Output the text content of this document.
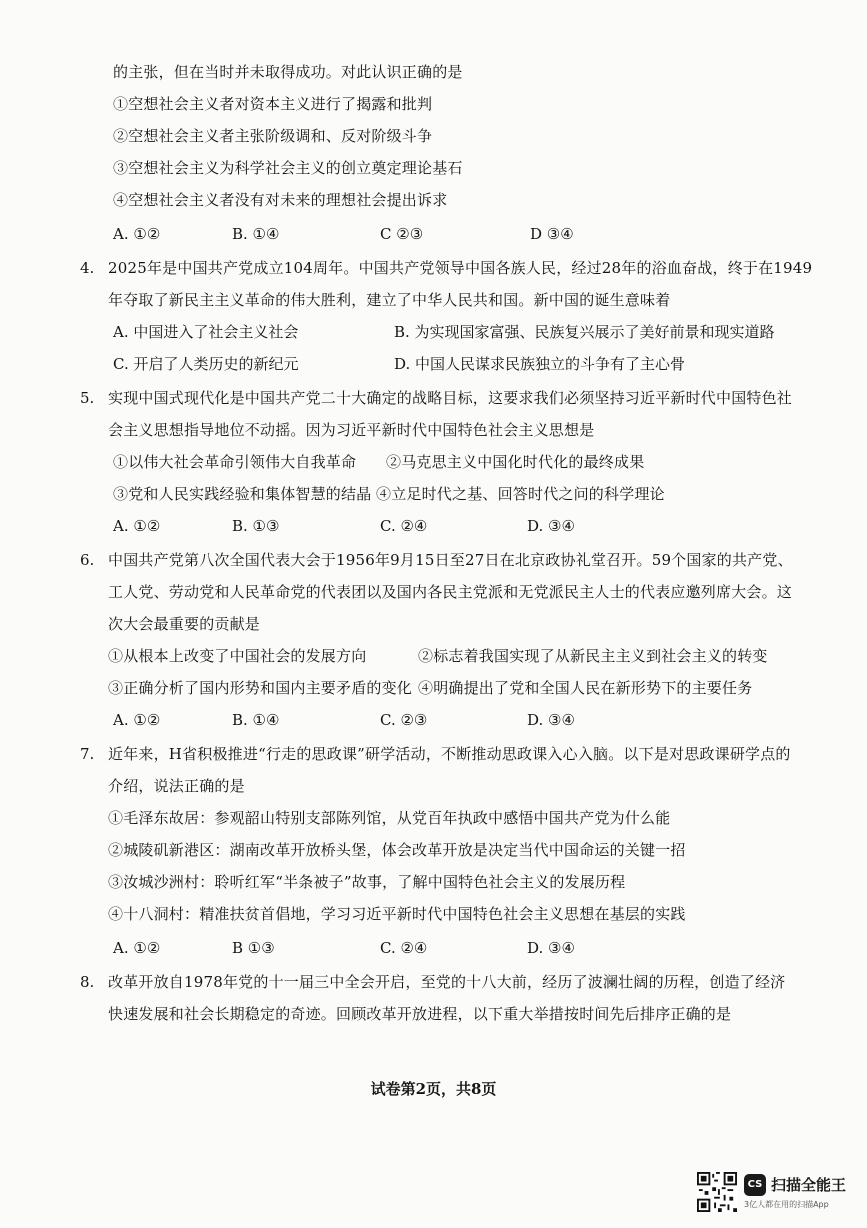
的主张，但在当时并未取得成功。对此认识正确的是
①空想社会主义者对资本主义进行了揭露和批判
②空想社会主义者主张阶级调和、反对阶级斗争
③空想社会主义为科学社会主义的创立奠定理论基石
④空想社会主义者没有对未来的理想社会提出诉求
A. ①②	B. ①④	C ②③	D ③④
4. 2025年是中国共产党成立104周年。中国共产党领导中国各族人民，经过28年的浴血奋战，终于在1949
年夺取了新民主主义革命的伟大胜利，建立了中华人民共和国。新中国的诞生意味着
A. 中国进入了社会主义社会	B. 为实现国家富强、民族复兴展示了美好前景和现实道路
C. 开启了人类历史的新纪元	D. 中国人民谋求民族独立的斗争有了主心骨
5. 实现中国式现代化是中国共产党二十大确定的战略目标，这要求我们必须坚持习近平新时代中国特色社
会主义思想指导地位不动摇。因为习近平新时代中国特色社会主义思想是
①以伟大社会革命引领伟大自我革命 ②马克思主义中国化时代化的最终成果
③党和人民实践经验和集体智慧的结晶 ④立足时代之基、回答时代之问的科学理论
A. ①②	B. ①③	C. ②④	D. ③④
6. 中国共产党第八次全国代表大会于1956年9月15日至27日在北京政协礼堂召开。59个国家的共产党、
工人党、劳动党和人民革命党的代表团以及国内各民主党派和无党派民主人士的代表应邀列席大会。这
次大会最重要的贡献是
①从根本上改变了中国社会的发展方向	②标志着我国实现了从新民主主义到社会主义的转变
③正确分析了国内形势和国内主要矛盾的变化 ④明确提出了党和全国人民在新形势下的主要任务
A. ①②	B. ①④	C. ②③	D. ③④
7. 近年来，H省积极推进“行走的思政课”研学活动，不断推动思政课入心入脑。以下是对思政课研学点的
介绍，说法正确的是
①毛泽东故居：参观韶山特别支部陈列馆，从党百年执政中感悟中国共产党为什么能
②城陵矶新港区：湖南改革开放桥头堡，体会改革开放是决定当代中国命运的关键一招
③汝城沙洲村：聆听红军“半条被子”故事，了解中国特色社会主义的发展历程
④十八洞村：精准扶贫首倡地，学习习近平新时代中国特色社会主义思想在基层的实践
A. ①②	B ①③	C. ②④	D. ③④
8. 改革开放自1978年党的十一届三中全会开启，至党的十八大前，经历了波澜壮阔的历程，创造了经济
快速发展和社会长期稳定的奇迹。回顾改革开放进程，以下重大举措按时间先后排序正确的是
试卷第2页，共8页
CS 扫描全能王
3亿人都在用的扫描App
